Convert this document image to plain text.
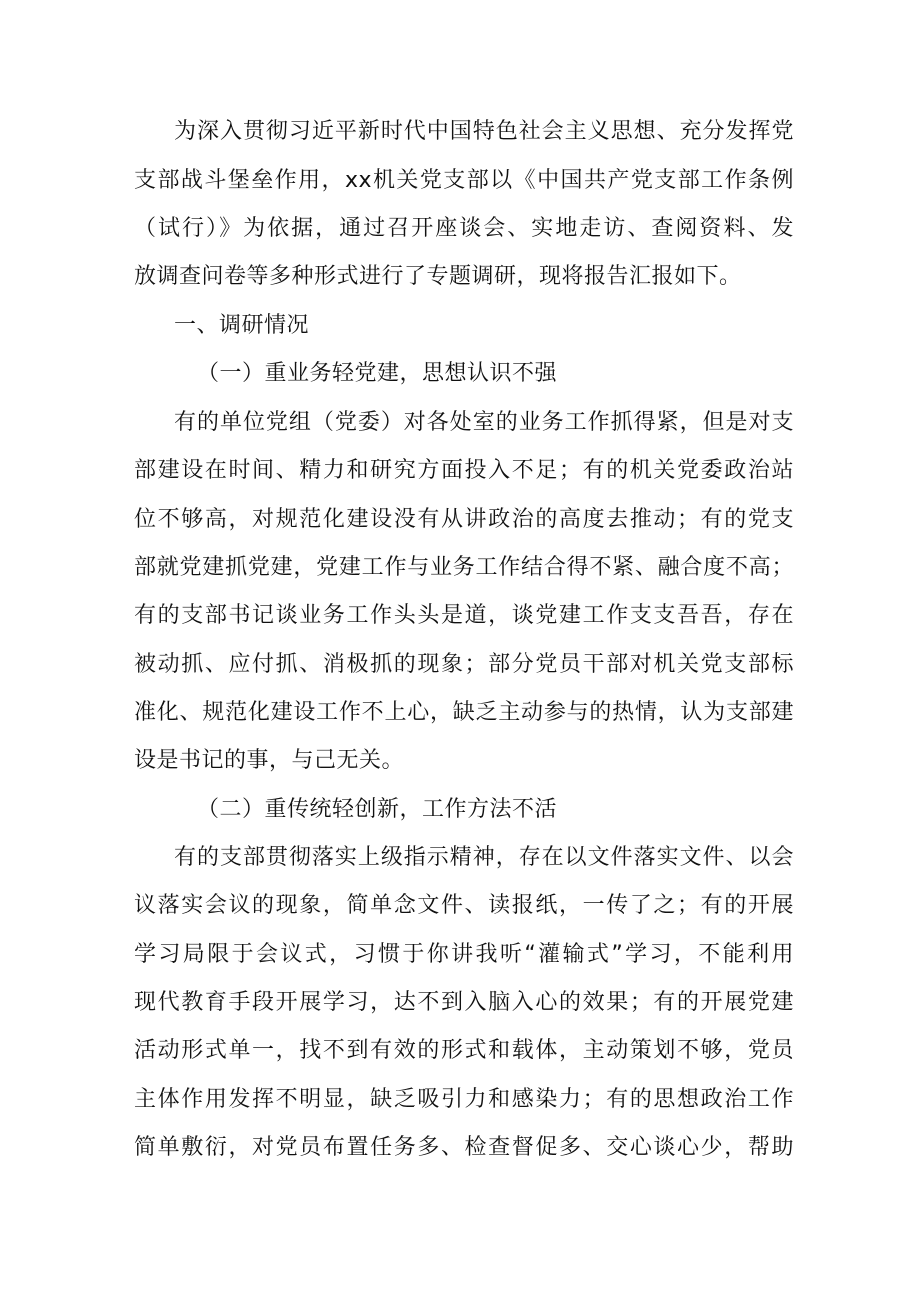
为深入贯彻习近平新时代中国特色社会主义思想、充分发挥党
支部战斗堡垒作用，xx机关党支部以《中国共产党支部工作条例
（试行）》为依据，通过召开座谈会、实地走访、查阅资料、发
放调查问卷等多种形式进行了专题调研，现将报告汇报如下。
一、调研情况
（一）重业务轻党建，思想认识不强
有的单位党组（党委）对各处室的业务工作抓得紧，但是对支
部建设在时间、精力和研究方面投入不足；有的机关党委政治站
位不够高，对规范化建设没有从讲政治的高度去推动；有的党支
部就党建抓党建，党建工作与业务工作结合得不紧、融合度不高；
有的支部书记谈业务工作头头是道，谈党建工作支支吾吾，存在
被动抓、应付抓、消极抓的现象；部分党员干部对机关党支部标
准化、规范化建设工作不上心，缺乏主动参与的热情，认为支部建
设是书记的事，与己无关。
（二）重传统轻创新，工作方法不活
有的支部贯彻落实上级指示精神，存在以文件落实文件、以会
议落实会议的现象，简单念文件、读报纸，一传了之；有的开展
学习局限于会议式，习惯于你讲我听“灌输式”学习，不能利用
现代教育手段开展学习，达不到入脑入心的效果；有的开展党建
活动形式单一，找不到有效的形式和载体，主动策划不够，党员
主体作用发挥不明显，缺乏吸引力和感染力；有的思想政治工作
简单敷衍，对党员布置任务多、检查督促多、交心谈心少，帮助
